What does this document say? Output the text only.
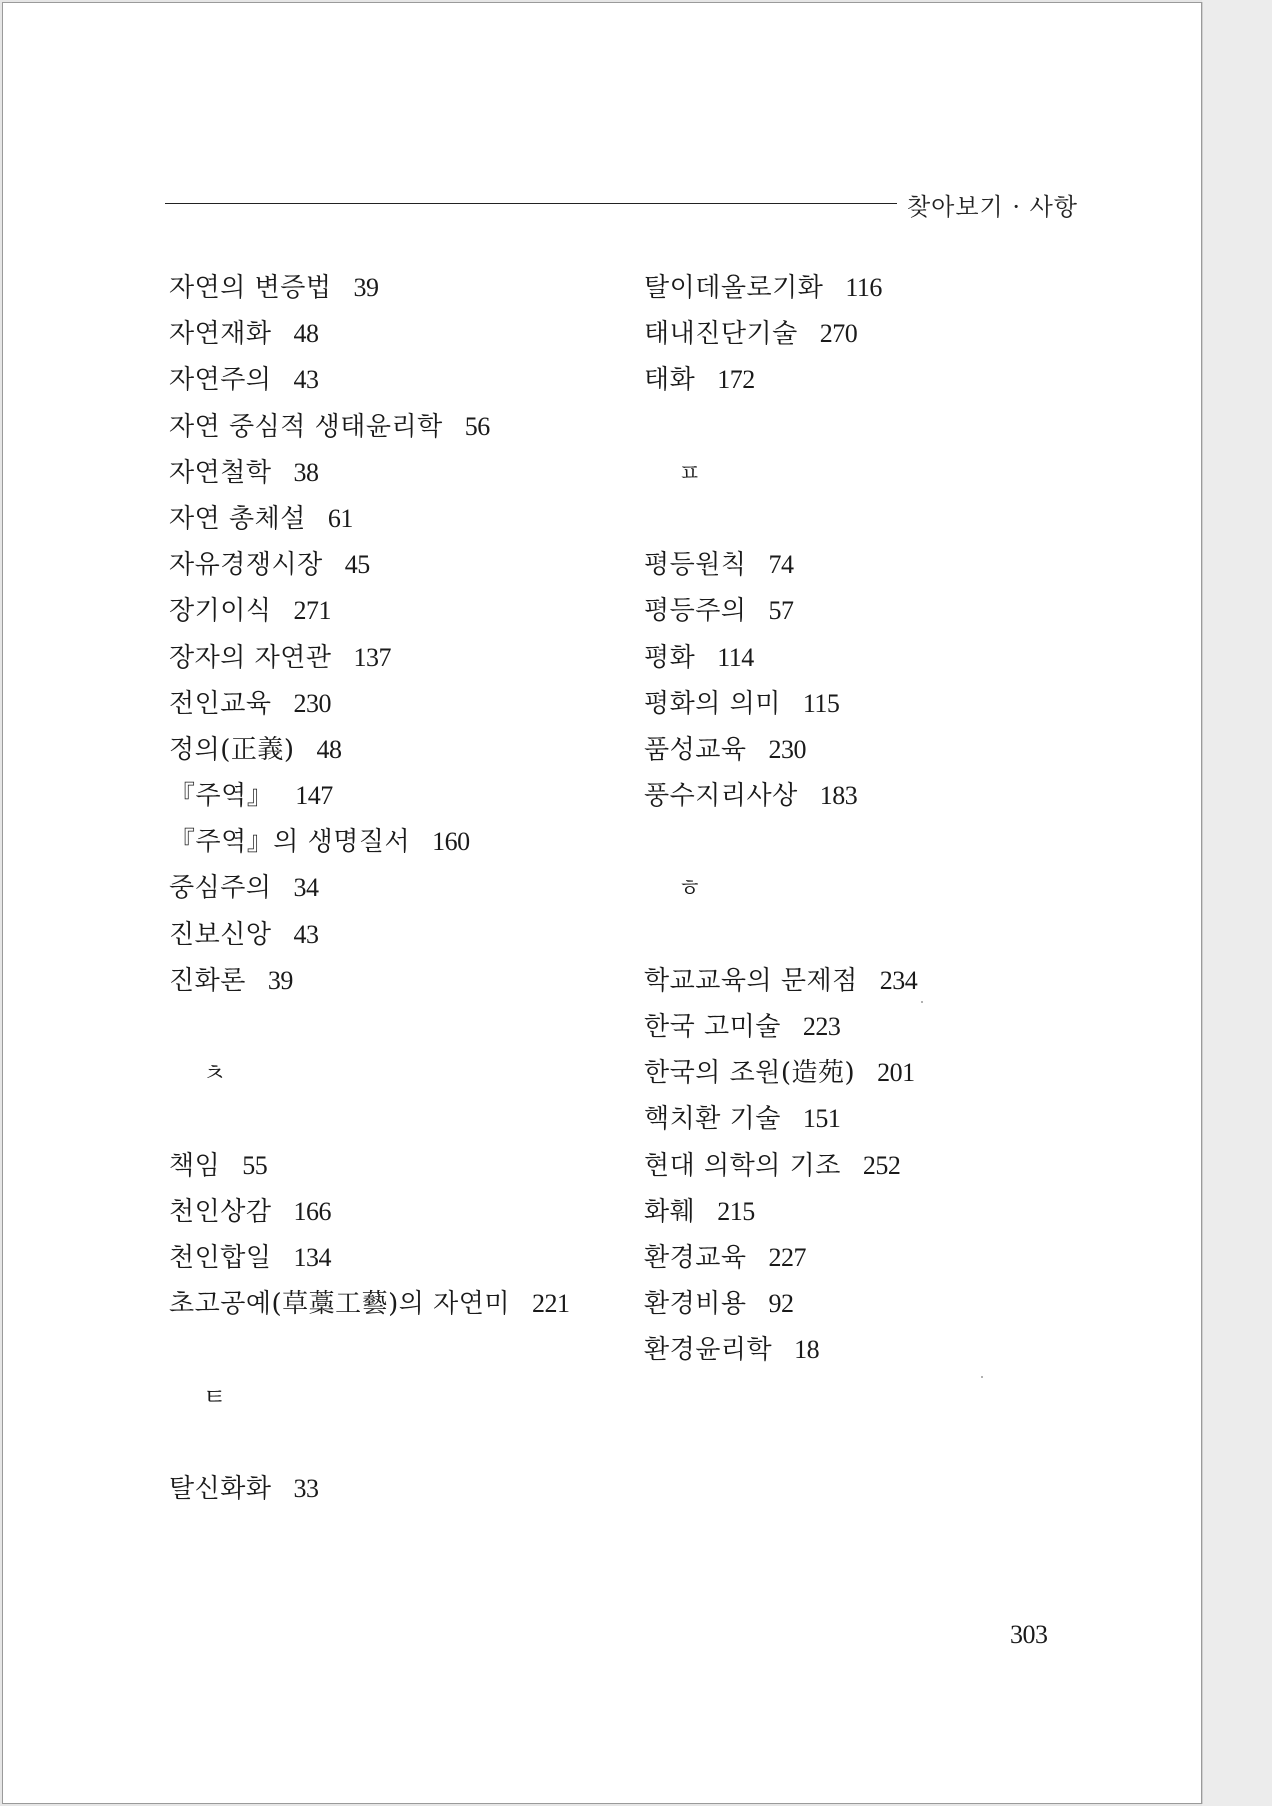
찾아보기 · 사항
자연의 변증법 39
자연재화 48
자연주의 43
자연 중심적 생태윤리학 56
자연철학 38
자연 총체설 61
자유경쟁시장 45
장기이식 271
장자의 자연관 137
전인교육 230
정의(正義) 48
『주역』 147
『주역』의 생명질서 160
중심주의 34
진보신앙 43
진화론 39
ㅊ
책임 55
천인상감 166
천인합일 134
초고공예(草藁工藝)의 자연미 221
ㅌ
탈신화화 33
탈이데올로기화 116
태내진단기술 270
태화 172
ㅍ
평등원칙 74
평등주의 57
평화 114
평화의 의미 115
품성교육 230
풍수지리사상 183
ㅎ
학교교육의 문제점 234
한국 고미술 223
한국의 조원(造苑) 201
핵치환 기술 151
현대 의학의 기조 252
화훼 215
환경교육 227
환경비용 92
환경윤리학 18
303
